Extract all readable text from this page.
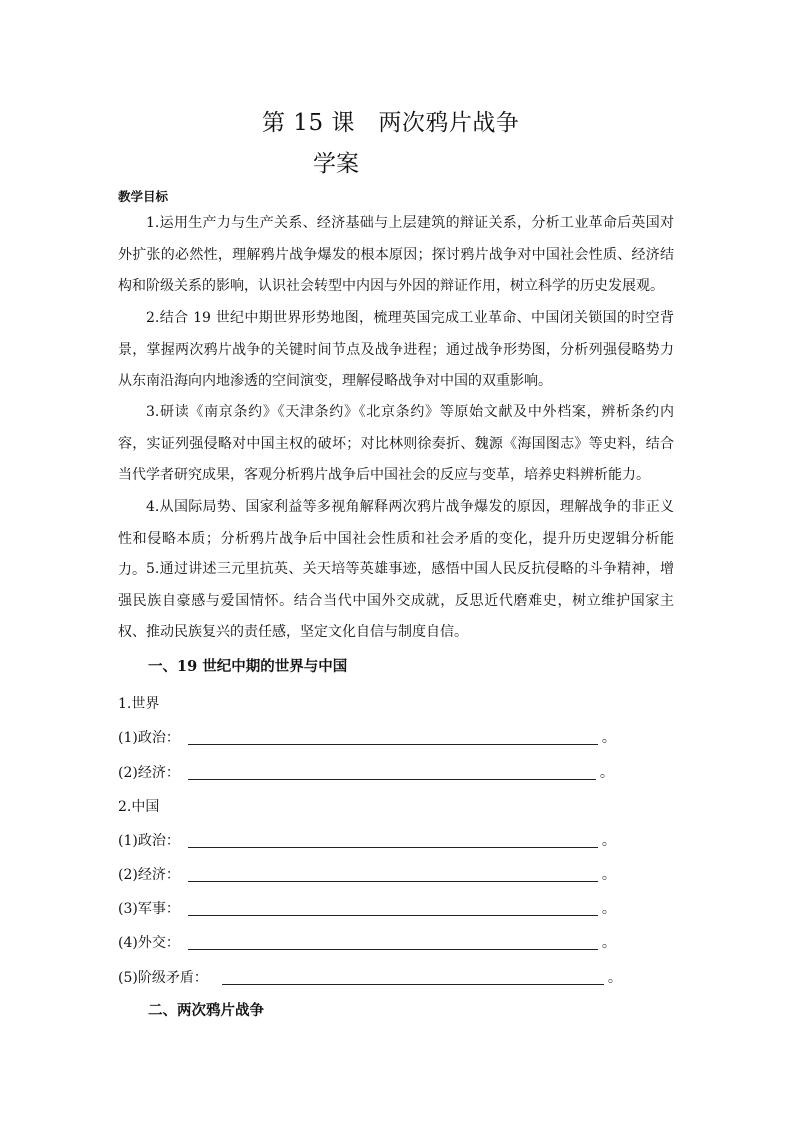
第 15 课　两次鸦片战争
学案
教学目标

1.运用生产力与生产关系、经济基础与上层建筑的辩证关系，分析工业革命后英国对外扩张的必然性，理解鸦片战争爆发的根本原因；探讨鸦片战争对中国社会性质、经济结构和阶级关系的影响，认识社会转型中内因与外因的辩证作用，树立科学的历史发展观。

2.结合 19 世纪中期世界形势地图，梳理英国完成工业革命、中国闭关锁国的时空背景，掌握两次鸦片战争的关键时间节点及战争进程；通过战争形势图，分析列强侵略势力从东南沿海向内地渗透的空间演变，理解侵略战争对中国的双重影响。

3.研读《南京条约》《天津条约》《北京条约》等原始文献及中外档案，辨析条约内容，实证列强侵略对中国主权的破坏；对比林则徐奏折、魏源《海国图志》等史料，结合当代学者研究成果，客观分析鸦片战争后中国社会的反应与变革，培养史料辨析能力。

4.从国际局势、国家利益等多视角解释两次鸦片战争爆发的原因，理解战争的非正义性和侵略本质；分析鸦片战争后中国社会性质和社会矛盾的变化，提升历史逻辑分析能力。 5.通过讲述三元里抗英、关天培等英雄事迹，感悟中国人民反抗侵略的斗争精神，增强民族自豪感与爱国情怀。结合当代中国外交成就，反思近代磨难史，树立维护国家主权、推动民族复兴的责任感，坚定文化自信与制度自信。

一、19 世纪中期的世界与中国
1.世界
(1)政治：	。
(2)经济：	。
2.中国
(1)政治：	。
(2)经济：	。
(3)军事：	。
(4)外交：	。
(5)阶级矛盾：	。
二、两次鸦片战争
